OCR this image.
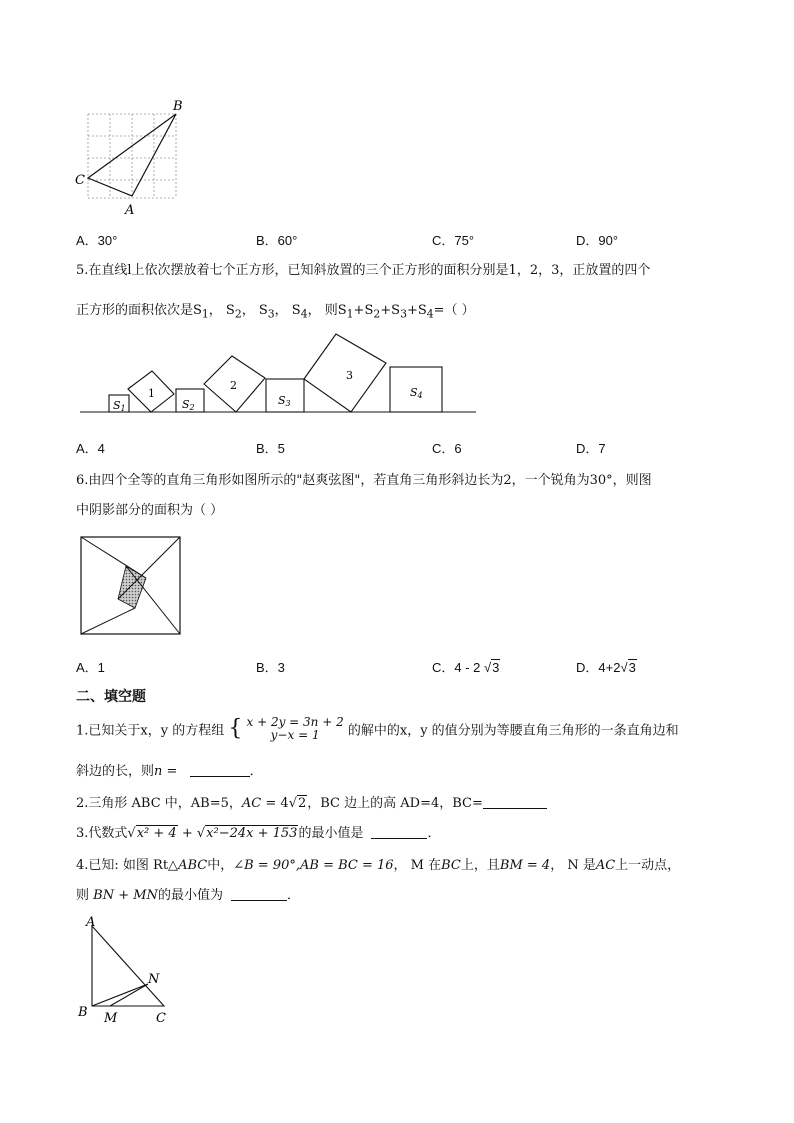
B
C
A
A．30°	B．60°	C．75°	D．90°
5.在直线l上依次摆放着七个正方形，已知斜放置的三个正方形的面积分别是1，2，3，正放置的四个
正方形的面积依次是$S_1$， $S_2$， $S_3$， $S_4$， 则$S_1+S_2+S_3+S_4=$（ ）
1
2
3
S1	S2
S3
S4
A．4	B．5	C．6	D．7
6.由四个全等的直角三角形如图所示的"赵爽弦图"，若直角三角形斜边长为2，一个锐角为30°，则图
中阴影部分的面积为（ ）
A．1	B．3	C．4 - 2 √3	D．4+2√3
二、填空题
1.已知关于x，y 的方程组 { x + 2y = 3n + 2
y−x = 1 的解中的x，y 的值分别为等腰直角三角形的一条直角边和
斜边的长，则n =	．
2.三角形 ABC 中，AB=5，AC = 4√2，BC 边上的高 AD=4，BC=
3.代数式√x² + 4 + √x²−24x + 153的最小值是	．
4.已知: 如图 Rt△ABC中，∠B = 90°,AB = BC = 16， M 在BC上，且BM = 4， N 是AC上一动点，
则 BN + MN的最小值为	．
A
B M
N
C
